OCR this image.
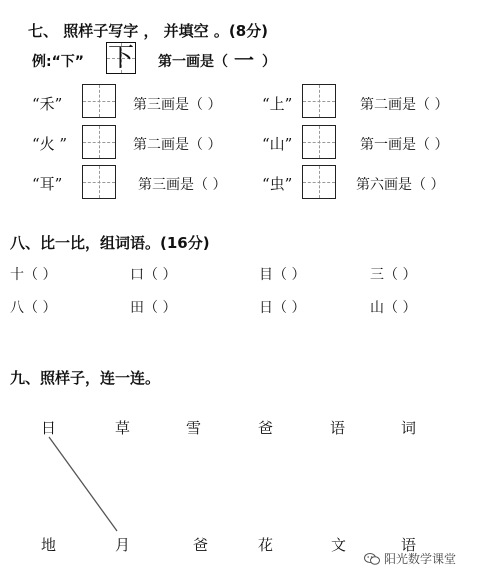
七、 照样子写字 ， 并填空 。(8分)
例:“下” 下 第一画是（ 一 ）
“禾”	第三画是（ ）	“上”	第二画是（ ）
“火 ”	第二画是（ ）	“山”	第一画是（ ）
“耳”	第三画是（ ） “虫”	第六画是（ ）
八、比一比，组词语。(16分)
十（ ）	口（ ）	目（ ）	三（ ）
八（ ）	田（ ）	日（ ）	山（ ）
九、照样子，连一连。
日	草	雪	爸	语	词
地	月	爸	花	文	语
阳光数学课堂
